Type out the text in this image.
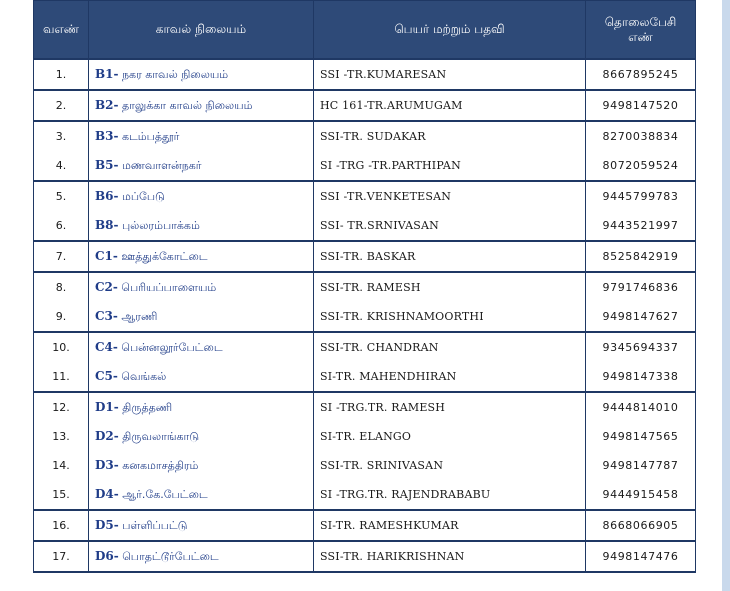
வஎண்	காவல் நிலையம்	பெயர் மற்றும் பதவி	தொலைபேசி
எண்

1.	B1- நகர காவல் நிலையம்	SSI -TR.KUMARESAN	8667895245
2.	B2- தாலுக்கா காவல் நிலையம்	HC 161-TR.ARUMUGAM	9498147520
3.	B3- கடம்பத்தூர்	SSI-TR. SUDAKAR	8270038834
4.	B5- மணவாளன்நகர்	SI -TRG -TR.PARTHIPAN	8072059524
5.	B6- மப்பேடு	SSI -TR.VENKETESAN	9445799783
6.	B8- புல்லரம்பாக்கம்	SSI- TR.SRNIVASAN	9443521997
7.	C1- ஊத்துக்கோட்டை	SSI-TR. BASKAR	8525842919
8.	C2- பெரியப்பாளையம்	SSI-TR. RAMESH	9791746836
9.	C3- ஆரணி	SSI-TR. KRISHNAMOORTHI	9498147627
10.	C4- பென்னலூர்பேட்டை	SSI-TR. CHANDRAN	9345694337
11.	C5- வெங்கல்	SI-TR. MAHENDHIRAN	9498147338
12.	D1- திருத்தணி	SI -TRG.TR. RAMESH	9444814010
13.	D2- திருவலாங்காடு	SI-TR. ELANGO	9498147565
14.	D3- கனகமாசத்திரம்	SSI-TR. SRINIVASAN	9498147787
15.	D4- ஆர்.கே.பேட்டை	SI -TRG.TR. RAJENDRABABU	9444915458
16.	D5- பள்ளிப்பட்டு	SI-TR. RAMESHKUMAR	8668066905
17.	D6- பொதட்டூர்பேட்டை	SSI-TR. HARIKRISHNAN	9498147476
